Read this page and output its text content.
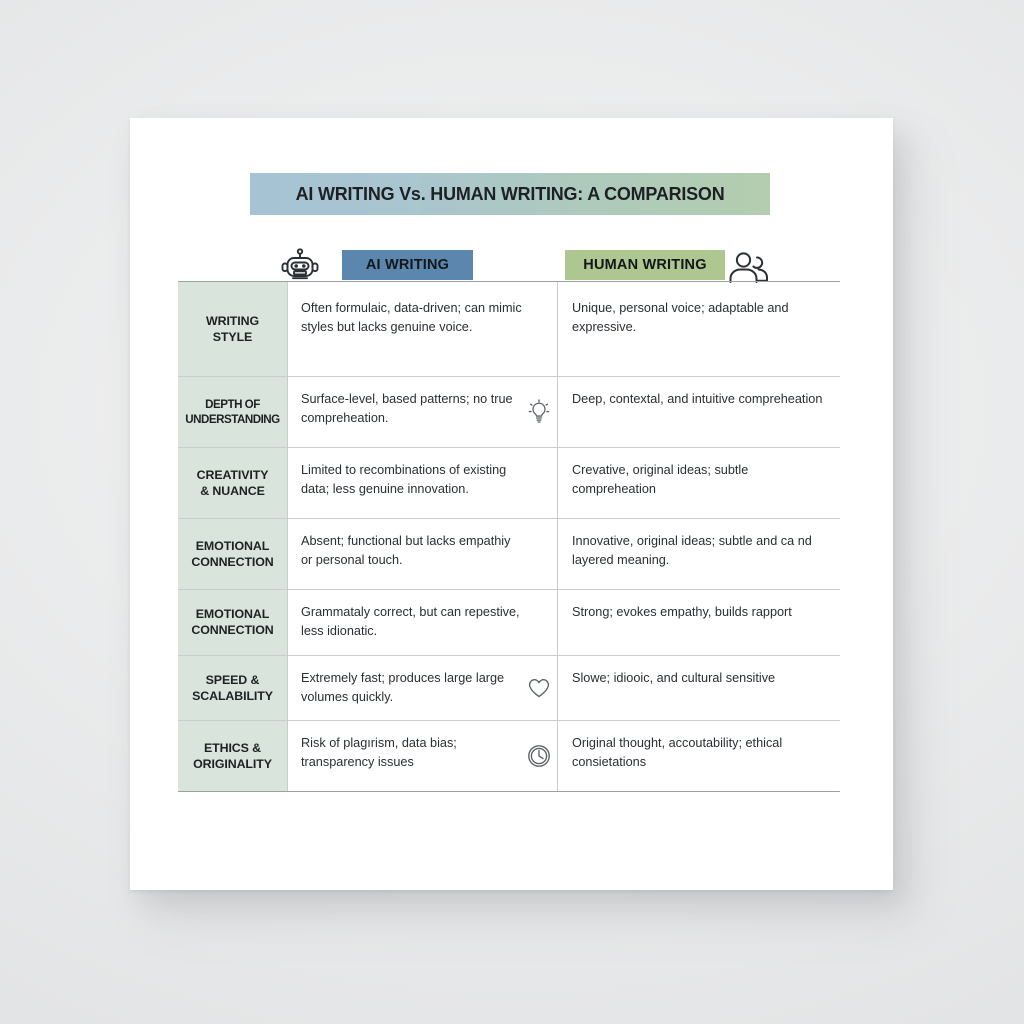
AI WRITING Vs. HUMAN WRITING: A COMPARISON
AI WRITING	HUMAN WRITING
WRITING
STYLE

Often formulaic, data-driven; can mimic styles but lacks genuine voice.

Unique, personal voice; adaptable and expressive.

DEPTH OF
UNDERSTANDING

Surface-level, based patterns; no true compreheation.

Deep, contextal, and intuitive compreheation

CREATIVITY
& NUANCE

Limited to recombinations of existing data; less genuine innovation.

Crevative, original ideas; subtle compreheation

EMOTIONAL
CONNECTION

Absent; functional but lacks empathiy or personal touch.

Innovative, original ideas; subtle and ca nd layered meaning.

EMOTIONAL
CONNECTION

Grammataly correct, but can repestive, less idionatic.

Strong; evokes empathy, builds rapport

SPEED &
SCALABILITY

Extremely fast; produces large large volumes quickly.

Slowe; idiooic, and cultural sensitive

ETHICS &
ORIGINALITY

Risk of plagırism, data bias; transparency issues

Original thought, accoutability; ethical consietations
